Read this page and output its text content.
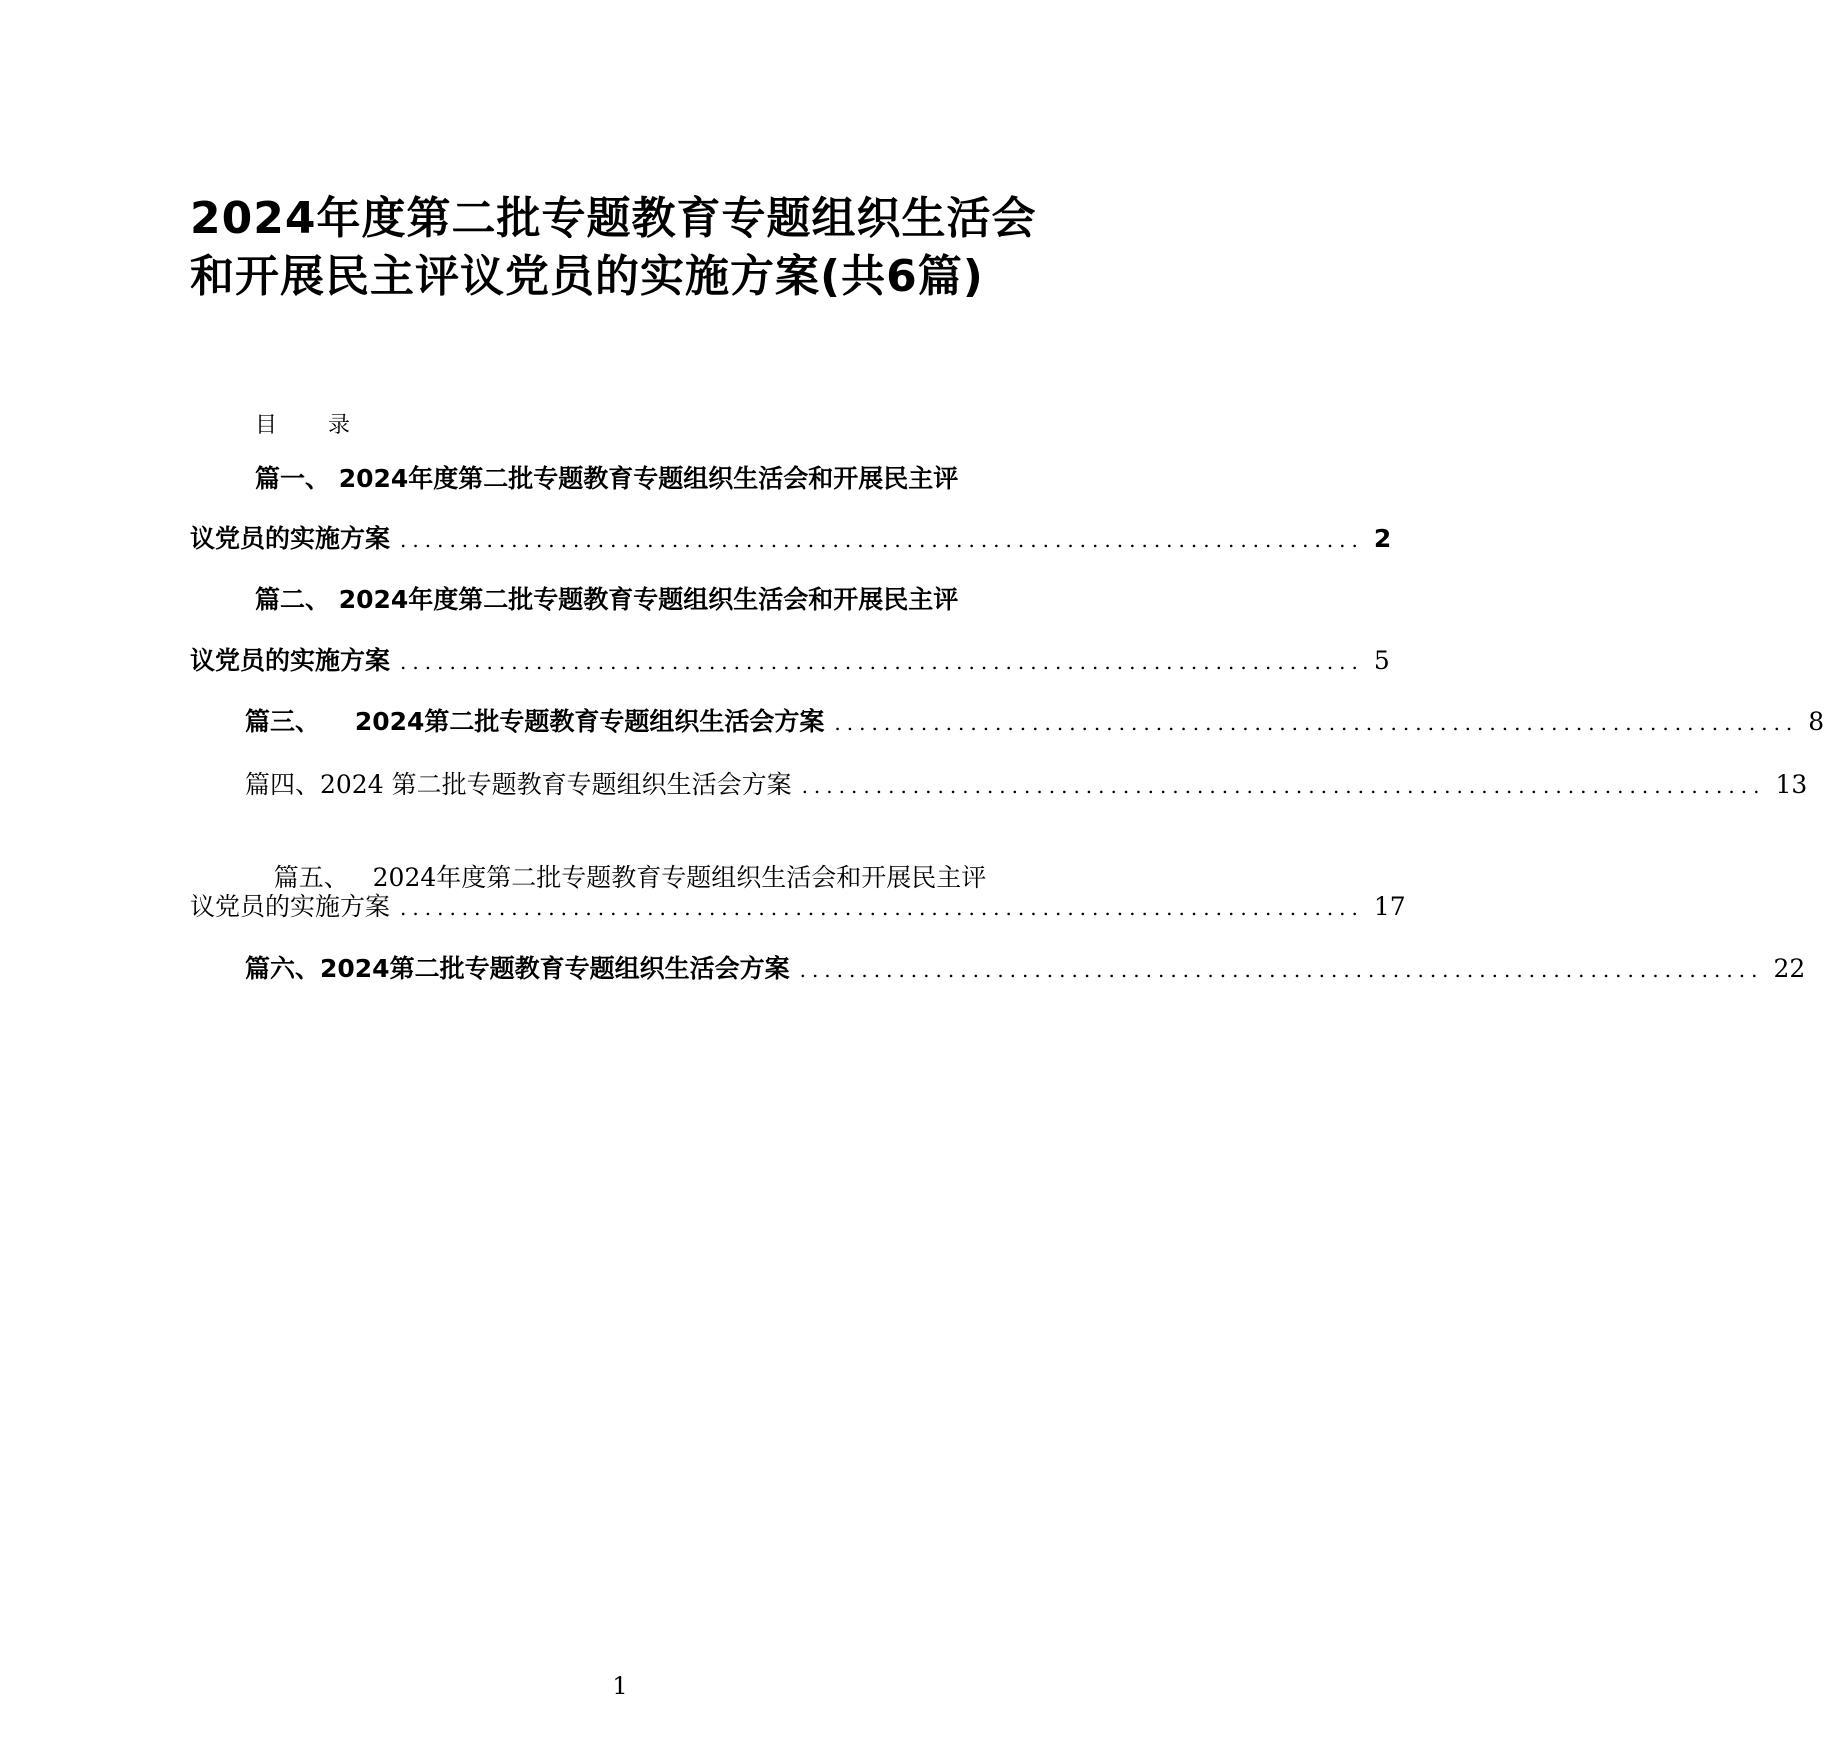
2024年度第二批专题教育专题组织生活会和开展民主评议党员的实施方案(共6篇)
目 录
篇一、 2024年度第二批专题教育专题组织生活会和开展民主评
议党员的实施方案 .............................................................................. 2
篇二、 2024年度第二批专题教育专题组织生活会和开展民主评
议党员的实施方案 .............................................................................. 5
篇三、    2024第二批专题教育专题组织生活会方案 .............................................................................. 8
篇四、2024 第二批专题教育专题组织生活会方案 .............................................................................. 13

篇五、   2024年度第二批专题教育专题组织生活会和开展民主评

议党员的实施方案 .............................................................................. 17
篇六、2024第二批专题教育专题组织生活会方案 .............................................................................. 22
1
